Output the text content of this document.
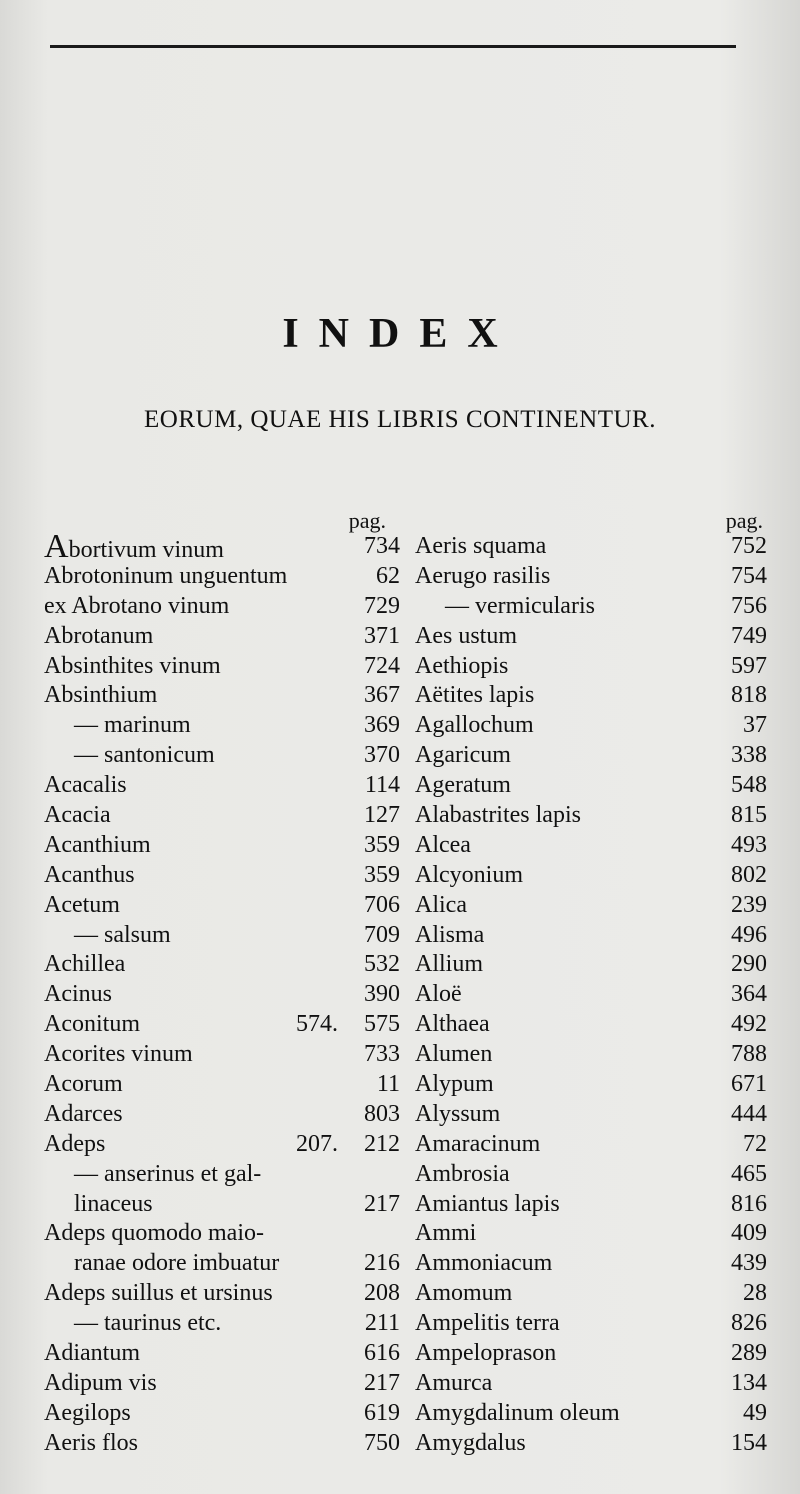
INDEX
EORUM, QUAE HIS LIBRIS CONTINENTUR.
pag.
Abortivum vinum	734
Abrotoninum unguentum	62
ex Abrotano vinum	729
Abrotanum	371
Absinthites vinum	724
Absinthium	367
— marinum	369
— santonicum	370
Acacalis	114
Acacia	127
Acanthium	359
Acanthus	359
Acetum	706
— salsum	709
Achillea	532
Acinus	390
Aconitum	574. 575
Acorites vinum	733
Acorum	11
Adarces	803
Adeps	207. 212
— anserinus et gal-
linaceus	217
Adeps quomodo maio-
ranae odore imbuatur	216
Adeps suillus et ursinus	208
— taurinus etc.	211
Adiantum	616
Adipum vis	217
Aegilops	619
Aeris flos	750
pag.
Aeris squama	752
Aerugo rasilis	754
— vermicularis	756
Aes ustum	749
Aethiopis	597
Aëtites lapis	818
Agallochum	37
Agaricum	338
Ageratum	548
Alabastrites lapis	815
Alcea	493
Alcyonium	802
Alica	239
Alisma	496
Allium	290
Aloë	364
Althaea	492
Alumen	788
Alypum	671
Alyssum	444
Amaracinum	72
Ambrosia	465
Amiantus lapis	816
Ammi	409
Ammoniacum	439
Amomum	28
Ampelitis terra	826
Ampeloprason	289
Amurca	134
Amygdalinum oleum	49
Amygdalus	154
